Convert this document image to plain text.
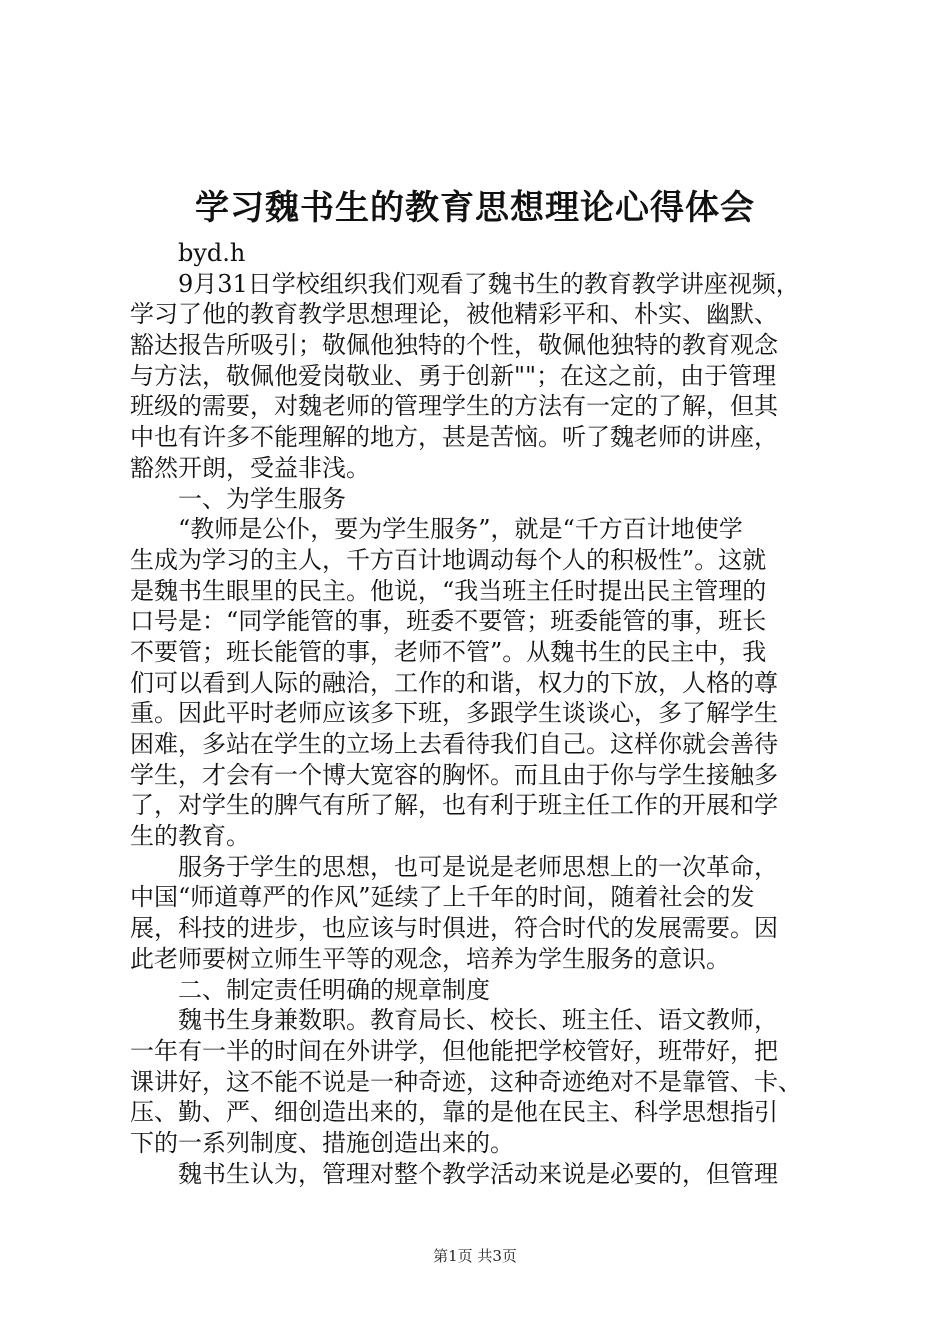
学习魏书生的教育思想理论心得体会
byd.h
9月31日学校组织我们观看了魏书生的教育教学讲座视频，
学习了他的教育教学思想理论，被他精彩平和、朴实、幽默、
豁达报告所吸引；敬佩他独特的个性，敬佩他独特的教育观念
与方法，敬佩他爱岗敬业、勇于创新""；在这之前，由于管理
班级的需要，对魏老师的管理学生的方法有一定的了解，但其
中也有许多不能理解的地方，甚是苦恼。听了魏老师的讲座，
豁然开朗，受益非浅。
一、为学生服务
“教师是公仆，要为学生服务”，就是“千方百计地使学
生成为学习的主人，千方百计地调动每个人的积极性”。这就
是魏书生眼里的民主。他说，“我当班主任时提出民主管理的
口号是：“同学能管的事，班委不要管；班委能管的事，班长
不要管；班长能管的事，老师不管”。从魏书生的民主中，我
们可以看到人际的融洽，工作的和谐，权力的下放，人格的尊
重。因此平时老师应该多下班，多跟学生谈谈心，多了解学生
困难，多站在学生的立场上去看待我们自己。这样你就会善待
学生，才会有一个博大宽容的胸怀。而且由于你与学生接触多
了，对学生的脾气有所了解，也有利于班主任工作的开展和学
生的教育。
服务于学生的思想，也可是说是老师思想上的一次革命，
中国“师道尊严的作风”延续了上千年的时间，随着社会的发
展，科技的进步，也应该与时俱进，符合时代的发展需要。因
此老师要树立师生平等的观念，培养为学生服务的意识。
二、制定责任明确的规章制度
魏书生身兼数职。教育局长、校长、班主任、语文教师，
一年有一半的时间在外讲学，但他能把学校管好，班带好，把
课讲好，这不能不说是一种奇迹，这种奇迹绝对不是靠管、卡、
压、勤、严、细创造出来的，靠的是他在民主、科学思想指引
下的一系列制度、措施创造出来的。
魏书生认为，管理对整个教学活动来说是必要的，但管理
第1页 共3页
